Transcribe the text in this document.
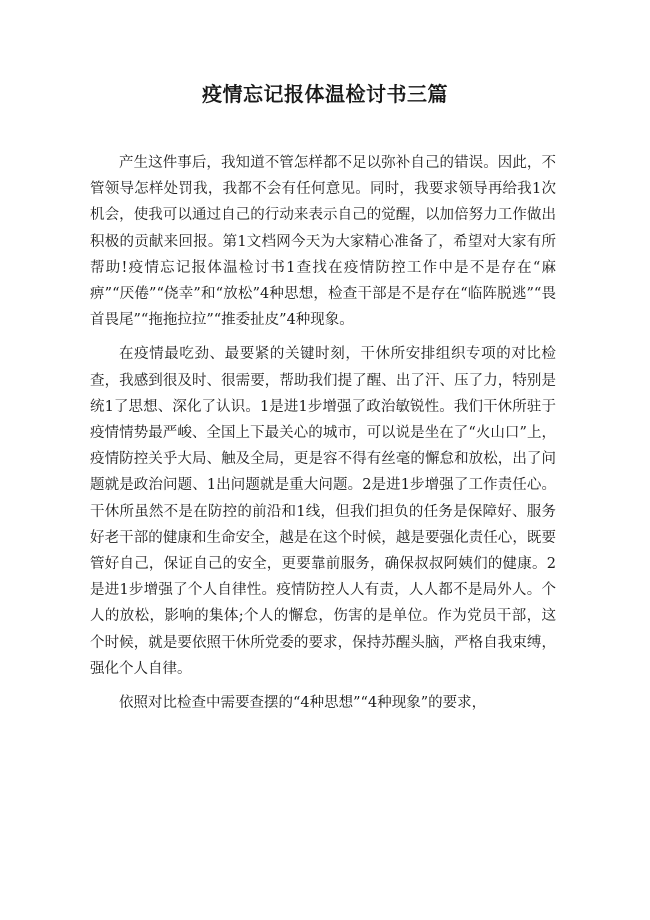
疫情忘记报体温检讨书三篇

产生这件事后，我知道不管怎样都不足以弥补自己的错误。因此，不管领导怎样处罚我，我都不会有任何意见。同时，我要求领导再给我1次机会，使我可以通过自己的行动来表示自己的觉醒，以加倍努力工作做出积极的贡献来回报。第1文档网今天为大家精心准备了，希望对大家有所帮助!疫情忘记报体温检讨书1查找在疫情防控工作中是不是存在“麻痹”“厌倦”“侥幸”和“放松”4种思想，检查干部是不是存在“临阵脱逃”“畏首畏尾”“拖拖拉拉”“推委扯皮”4种现象。

在疫情最吃劲、最要紧的关键时刻，干休所安排组织专项的对比检查，我感到很及时、很需要，帮助我们提了醒、出了汗、压了力，特别是统1了思想、深化了认识。1是进1步增强了政治敏锐性。我们干休所驻于疫情情势最严峻、全国上下最关心的城市，可以说是坐在了“火山口”上，疫情防控关乎大局、触及全局，更是容不得有丝毫的懈怠和放松，出了问题就是政治问题、1出问题就是重大问题。2是进1步增强了工作责任心。干休所虽然不是在防控的前沿和1线，但我们担负的任务是保障好、服务好老干部的健康和生命安全，越是在这个时候，越是要强化责任心，既要管好自己，保证自己的安全，更要靠前服务，确保叔叔阿姨们的健康。2是进1步增强了个人自律性。疫情防控人人有责，人人都不是局外人。个人的放松，影响的集体;个人的懈怠，伤害的是单位。作为党员干部，这个时候，就是要依照干休所党委的要求，保持苏醒头脑，严格自我束缚，强化个人自律。

依照对比检查中需要查摆的“4种思想”“4种现象”的要求，
